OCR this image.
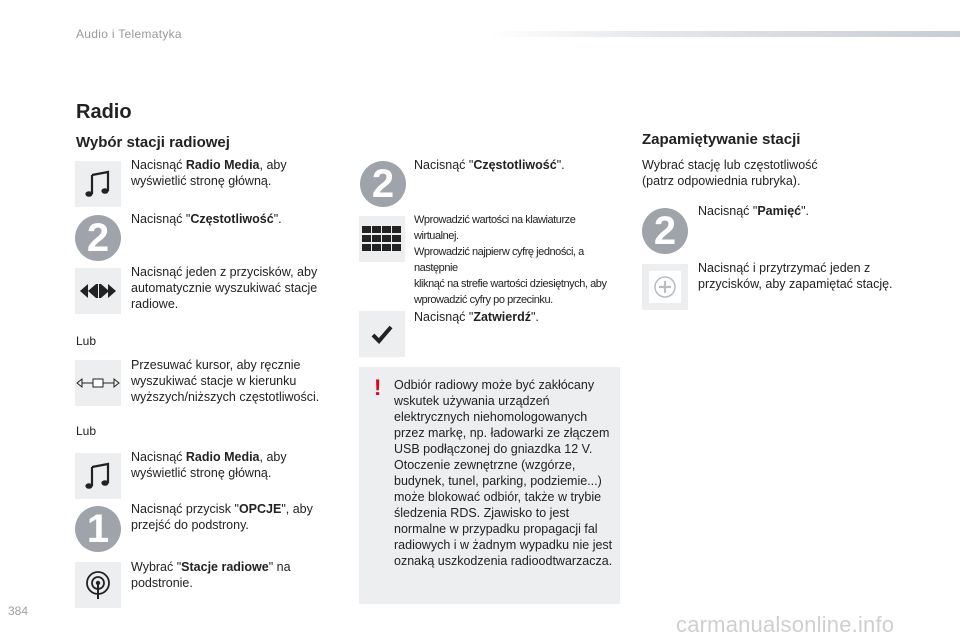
Audio i Telematyka
Radio
Wybór stacji radiowej
Nacisnąć Radio Media, aby wyświetlić stronę główną.
2 Nacisnąć "Częstotliwość".
Nacisnąć jeden z przycisków, aby automatycznie wyszukiwać stacje radiowe.
Lub
Przesuwać kursor, aby ręcznie wyszukiwać stacje w kierunku wyższych/niższych częstotliwości.
Lub
Nacisnąć Radio Media, aby wyświetlić stronę główną.
1 Nacisnąć przycisk "OPCJE", aby przejść do podstrony.
Wybrać "Stacje radiowe" na podstronie.
2 Nacisnąć "Częstotliwość".
Wprowadzić wartości na klawiaturze
wirtualnej.
Wprowadzić najpierw cyfrę jedności, a następnie
kliknąć na strefie wartości dziesiętnych, aby
wprowadzić cyfry po przecinku.
Nacisnąć "Zatwierdź".
! Odbiór radiowy może być zakłócany wskutek używania urządzeń elektrycznych niehomologowanych przez markę, np. ładowarki ze złączem USB podłączonej do gniazdka 12 V. Otoczenie zewnętrzne (wzgórze, budynek, tunel, parking, podziemie...) może blokować odbiór, także w trybie śledzenia RDS. Zjawisko to jest normalne w przypadku propagacji fal radiowych i w żadnym wypadku nie jest oznaką uszkodzenia radioodtwarzacza.
Zapamiętywanie stacji
Wybrać stację lub częstotliwość (patrz odpowiednia rubryka).
2 Nacisnąć "Pamięć".
Nacisnąć i przytrzymać jeden z przycisków, aby zapamiętać stację.
384
carmanualsonline.info
